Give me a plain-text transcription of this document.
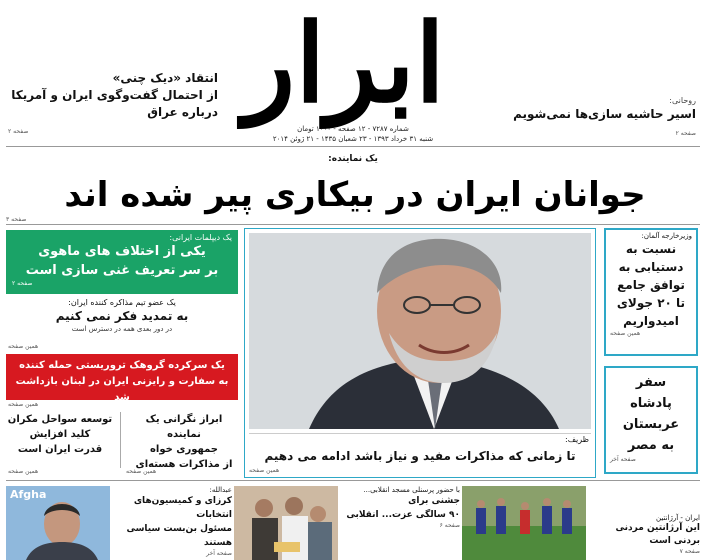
ابرار
شماره ۷۲۸۷ - ۱۲ صفحه - ۱۰۰۰ تومان
شنبه ۳۱ خرداد ۱۳۹۳ - ۲۳ شعبان ۱۴۳۵ - ۲۱ ژوئن ۲۰۱۴
انتقاد «دیک چنی»
از احتمال گفت‌وگوی ایران و آمریکا
درباره عراق
صفحه ۲
روحانی:
اسیر حاشیه سازی‌ها نمی‌شویم
صفحه ۲
یک نماینده:
جوانان ایران در بیکاری پیر شده اند
صفحه ۳
یک دیپلمات ایرانی:
یکی از اختلاف های ماهوی
بر سر تعریف غنی سازی است
صفحه ۲
یک عضو تیم مذاکره کننده ایران:
به تمدید فکر نمی کنیم
در دور بعدی همه در دسترس است
همین صفحه
یک سرکرده گروهک تروریستی حمله کننده
به سفارت و رایزنی ایران در لبنان بازداشت شد
همین صفحه
ابراز نگرانی یک نماینده
جمهوری خواه
از مذاکرات هسته‌ای
توسعه سواحل مکران
کلید افزایش
قدرت ایران است
همین صفحه	همین صفحه
ظریف:
تا زمانی که مذاکرات مفید و نیاز باشد ادامه می دهیم
همین صفحه
وزیرخارجه آلمان:
نسبت به
دستیابی به
توافق جامع
تا ۲۰ جولای
امیدواریم
همین صفحه
سفر
پادشاه
عربستان
به مصر
صفحه آخر
Afgha	عبدالله:
کرزای و کمیسیون‌های انتخابات
مسئول بن‌بست سیاسی هستند
صفحه آخر
با حضور پرسنلی مسجد انقلابی...
جشنی برای
۹۰ سالگی عزت... انقلابی
صفحه ۶
ایران - آرژانتین
این آرژانتین مردنی
بردنی است
صفحه ۷
